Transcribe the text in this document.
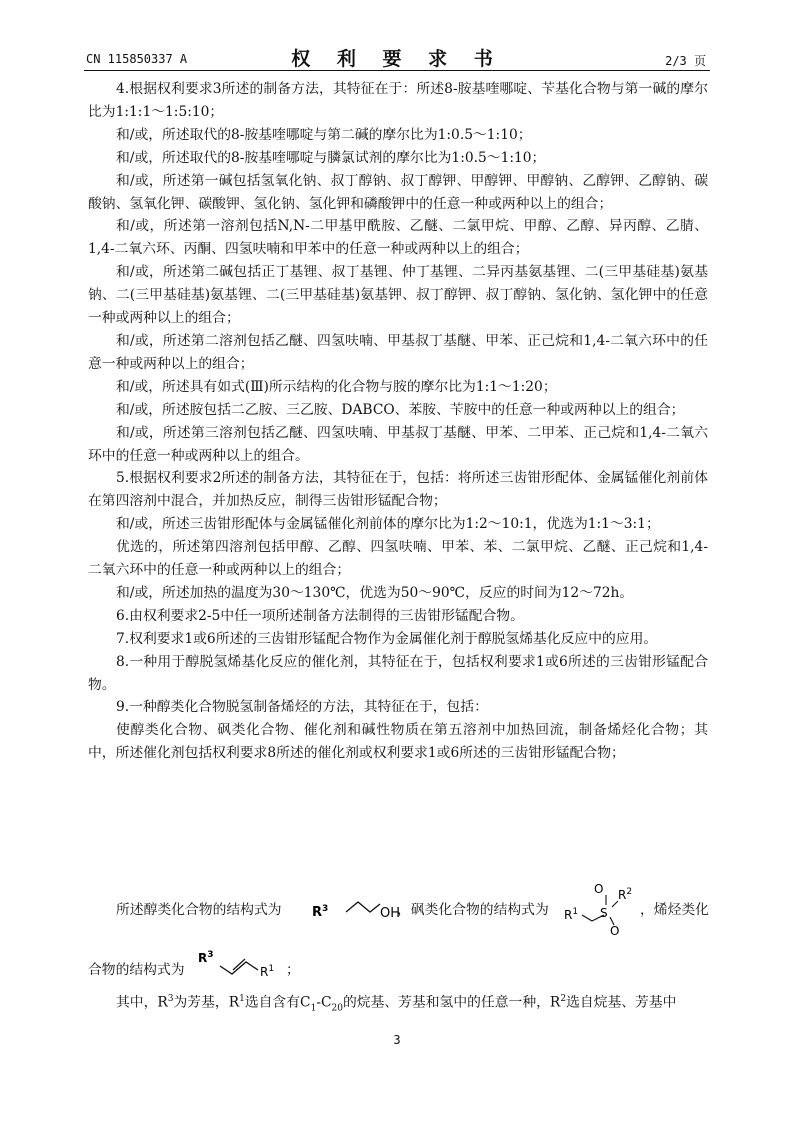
CN 115850337 A	权 利 要 求 书	2/3 页

4.根据权利要求3所述的制备方法，其特征在于：所述8-胺基喹哪啶、苄基化合物与第一碱的摩尔比为1:1:1～1:5:10；

和/或，所述取代的8-胺基喹哪啶与第二碱的摩尔比为1:0.5～1:10；

和/或，所述取代的8-胺基喹哪啶与膦氯试剂的摩尔比为1:0.5～1:10；

和/或，所述第一碱包括氢氧化钠、叔丁醇钠、叔丁醇钾、甲醇钾、甲醇钠、乙醇钾、乙醇钠、碳酸钠、氢氧化钾、碳酸钾、氢化钠、氢化钾和磷酸钾中的任意一种或两种以上的组合；

和/或，所述第一溶剂包括N,N-二甲基甲酰胺、乙醚、二氯甲烷、甲醇、乙醇、异丙醇、乙腈、1,4-二氧六环、丙酮、四氢呋喃和甲苯中的任意一种或两种以上的组合；

和/或，所述第二碱包括正丁基锂、叔丁基锂、仲丁基锂、二异丙基氨基锂、二(三甲基硅基)氨基钠、二(三甲基硅基)氨基锂、二(三甲基硅基)氨基钾、叔丁醇钾、叔丁醇钠、氢化钠、氢化钾中的任意一种或两种以上的组合；

和/或，所述第二溶剂包括乙醚、四氢呋喃、甲基叔丁基醚、甲苯、正己烷和1,4-二氧六环中的任意一种或两种以上的组合；

和/或，所述具有如式(Ⅲ)所示结构的化合物与胺的摩尔比为1:1～1:20；

和/或，所述胺包括二乙胺、三乙胺、DABCO、苯胺、苄胺中的任意一种或两种以上的组合；

和/或，所述第三溶剂包括乙醚、四氢呋喃、甲基叔丁基醚、甲苯、二甲苯、正己烷和1,4-二氧六环中的任意一种或两种以上的组合。

5.根据权利要求2所述的制备方法，其特征在于，包括：将所述三齿钳形配体、金属锰催化剂前体在第四溶剂中混合，并加热反应，制得三齿钳形锰配合物；

和/或，所述三齿钳形配体与金属锰催化剂前体的摩尔比为1:2～10:1，优选为1:1～3:1；

优选的，所述第四溶剂包括甲醇、乙醇、四氢呋喃、甲苯、苯、二氯甲烷、乙醚、正己烷和1,4-二氧六环中的任意一种或两种以上的组合；

和/或，所述加热的温度为30～130℃，优选为50～90℃，反应的时间为12～72h。

6.由权利要求2-5中任一项所述制备方法制得的三齿钳形锰配合物。

7.权利要求1或6所述的三齿钳形锰配合物作为金属催化剂于醇脱氢烯基化反应中的应用。

8.一种用于醇脱氢烯基化反应的催化剂，其特征在于，包括权利要求1或6所述的三齿钳形锰配合物。

9.一种醇类化合物脱氢制备烯烃的方法，其特征在于，包括：

使醇类化合物、砜类化合物、催化剂和碱性物质在第五溶剂中加热回流，制备烯烃化合物；其中，所述催化剂包括权利要求8所述的催化剂或权利要求1或6所述的三齿钳形锰配合物；

所述醇类化合物的结构式为 $R^3$	OH
，砜类化合物的结构式为 $R^1$ S
O
O
$R^2$
，烯烃类化
合物的结构式为
$R^3$
$R^1$ ；

其中，$R^3$为芳基，$R^1$选自含有$C_1-C_{20}$的烷基、芳基和氢中的任意一种，$R^2$选自烷基、芳基中

3
